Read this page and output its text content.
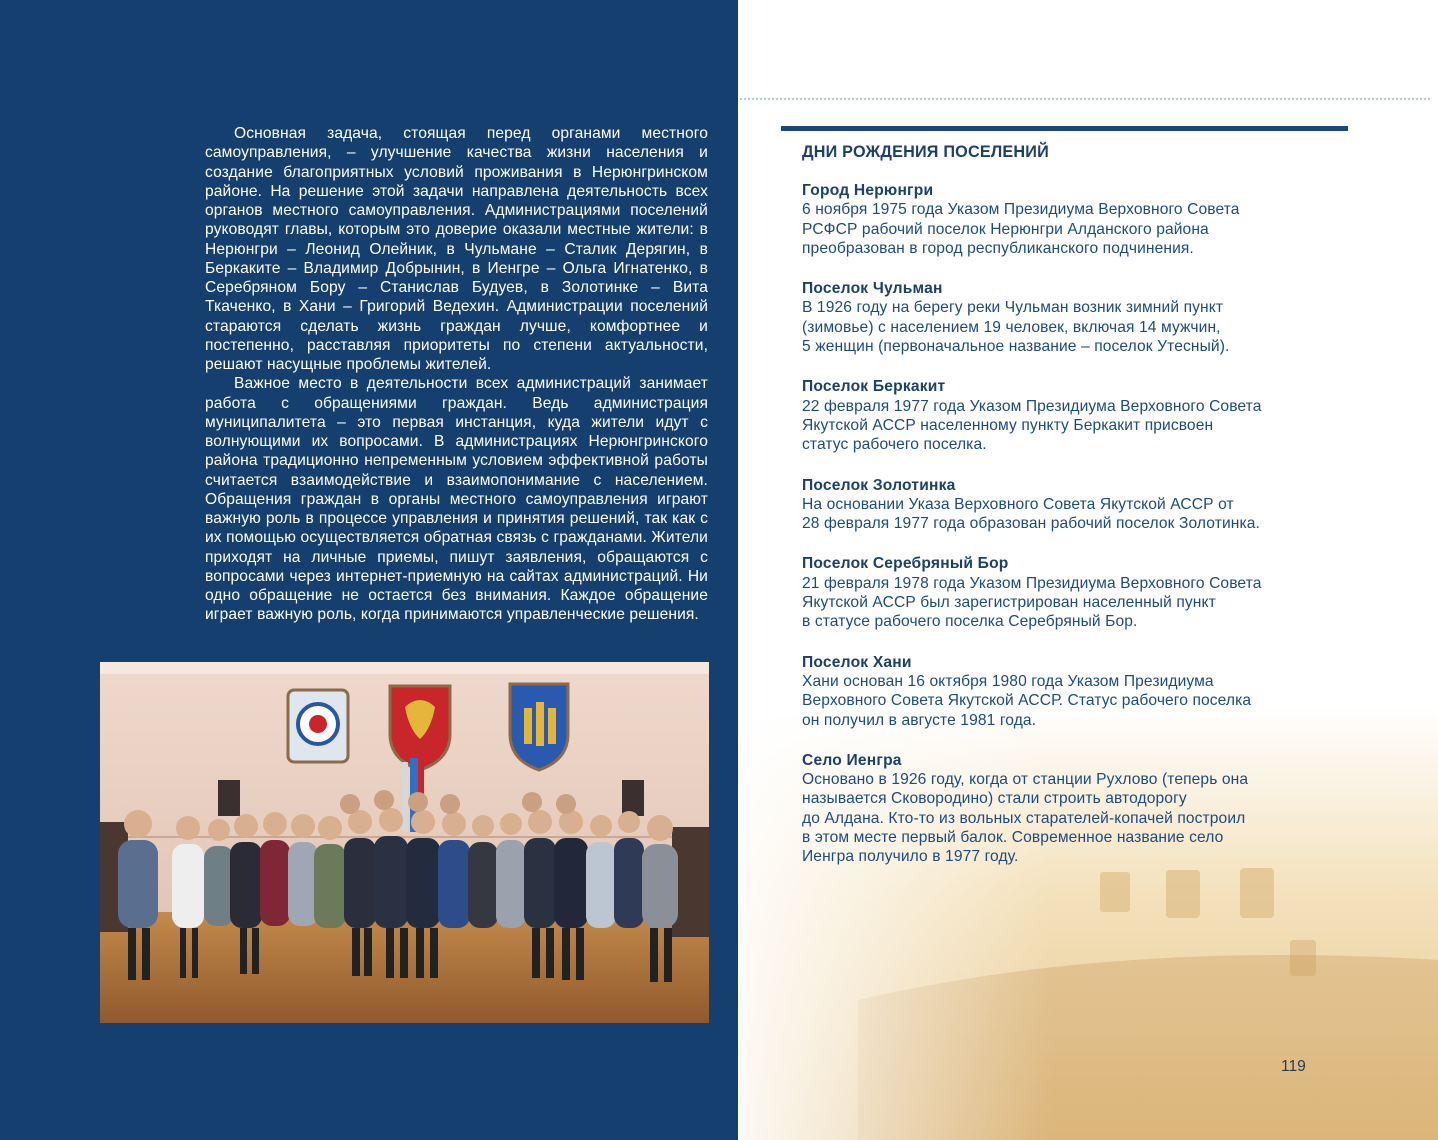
Основная задача, стоящая перед органами местного самоуправления, – улучшение качества жизни населения и создание благоприятных условий проживания в Нерюнгринском районе. На решение этой задачи направлена деятельность всех органов местного самоуправления. Администрациями поселений руководят главы, которым это доверие оказали местные жители: в Нерюнгри – Леонид Олейник, в Чульмане – Сталик Дерягин, в Беркаките – Владимир Добрынин, в Иенгре – Ольга Игнатенко, в Серебряном Бору – Станислав Будуев, в Золотинке – Вита Ткаченко, в Хани – Григорий Ведехин. Администрации поселений стараются сделать жизнь граждан лучше, комфортнее и постепенно, расставляя приоритеты по степени актуальности, решают насущные проблемы жителей.

Важное место в деятельности всех администраций занимает работа с обращениями граждан. Ведь администрация муниципалитета – это первая инстанция, куда жители идут с волнующими их вопросами. В администрациях Нерюнгринского района традиционно непременным условием эффективной работы считается взаимодействие и взаимопонимание с населением. Обращения граждан в органы местного самоуправления играют важную роль в процессе управления и принятия решений, так как с их помощью осуществляется обратная связь с гражданами. Жители приходят на личные приемы, пишут заявления, обращаются с вопросами через интернет-приемную на сайтах администраций. Ни одно обращение не остается без внимания. Каждое обращение играет важную роль, когда принимаются управленческие решения.

ДНИ РОЖДЕНИЯ ПОСЕЛЕНИЙ
Город Нерюнгри
6 ноября 1975 года Указом Президиума Верховного Совета
РСФСР рабочий поселок Нерюнгри Алданского района
преобразован в город республиканского подчинения.
Поселок Чульман
В 1926 году на берегу реки Чульман возник зимний пункт
(зимовье) с населением 19 человек, включая 14 мужчин,
5 женщин (первоначальное название – поселок Утесный).
Поселок Беркакит
22 февраля 1977 года Указом Президиума Верховного Совета
Якутской АССР населенному пункту Беркакит присвоен
статус рабочего поселка.
Поселок Золотинка
На основании Указа Верховного Совета Якутской АССР от
28 февраля 1977 года образован рабочий поселок Золотинка.
Поселок Серебряный Бор
21 февраля 1978 года Указом Президиума Верховного Совета
Якутской АССР был зарегистрирован населенный пункт
в статусе рабочего поселка Серебряный Бор.
Поселок Хани
Хани основан 16 октября 1980 года Указом Президиума
Верховного Совета Якутской АССР. Статус рабочего поселка
он получил в августе 1981 года.
Село Иенгра
Основано в 1926 году, когда от станции Рухлово (теперь она
называется Сковородино) стали строить автодорогу
до Алдана. Кто-то из вольных старателей-копачей построил
в этом месте первый балок. Современное название село
Иенгра получило в 1977 году.
119
